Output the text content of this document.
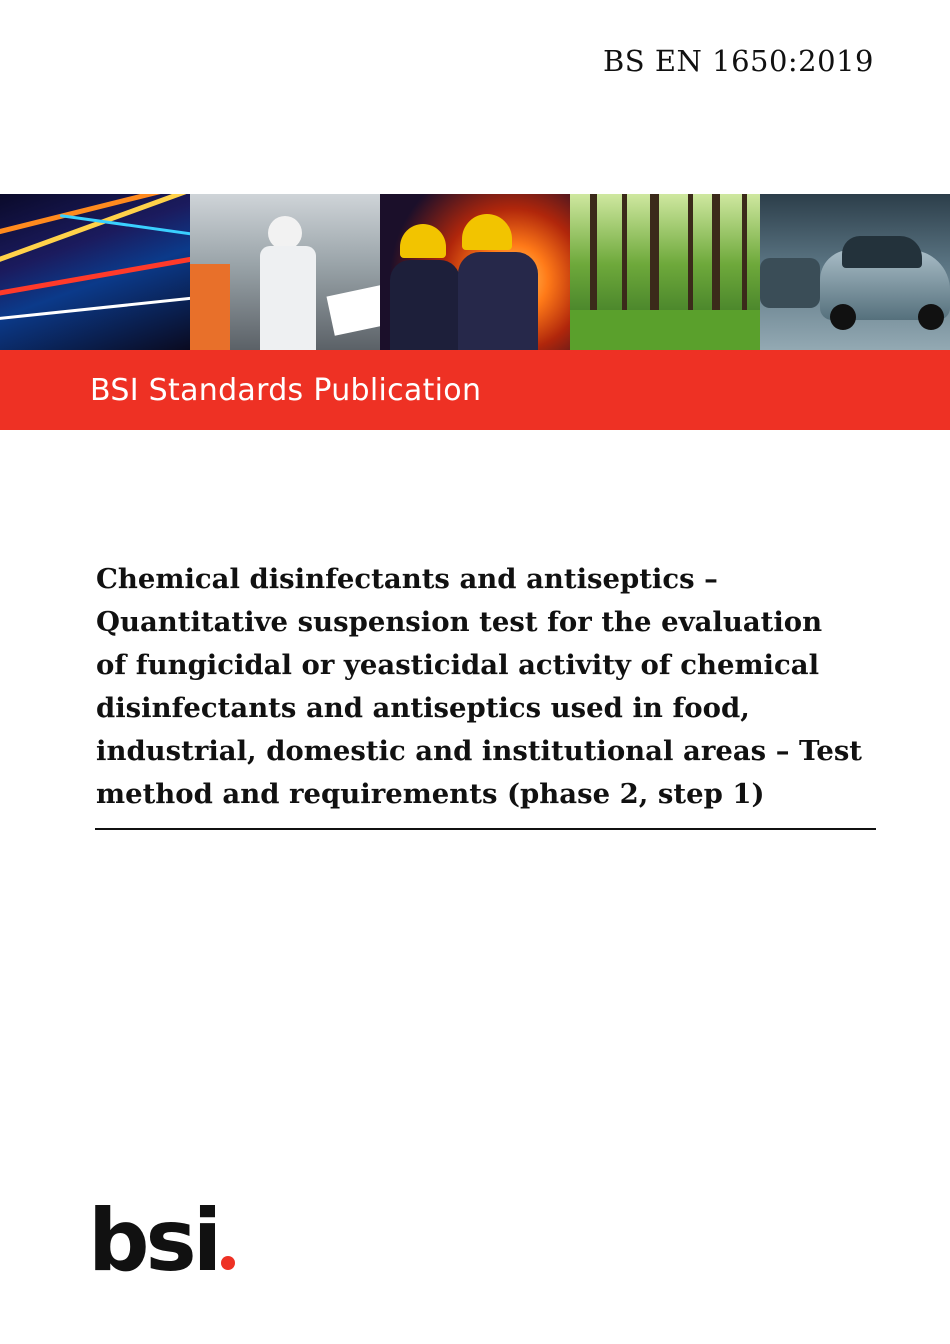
BS EN 1650:2019
BSI Standards Publication
Chemical disinfectants and antiseptics –
Quantitative suspension test for the evaluation
of fungicidal or yeasticidal activity of chemical
disinfectants and antiseptics used in food,
industrial, domestic and institutional areas – Test
method and requirements (phase 2, step 1)
bsi
